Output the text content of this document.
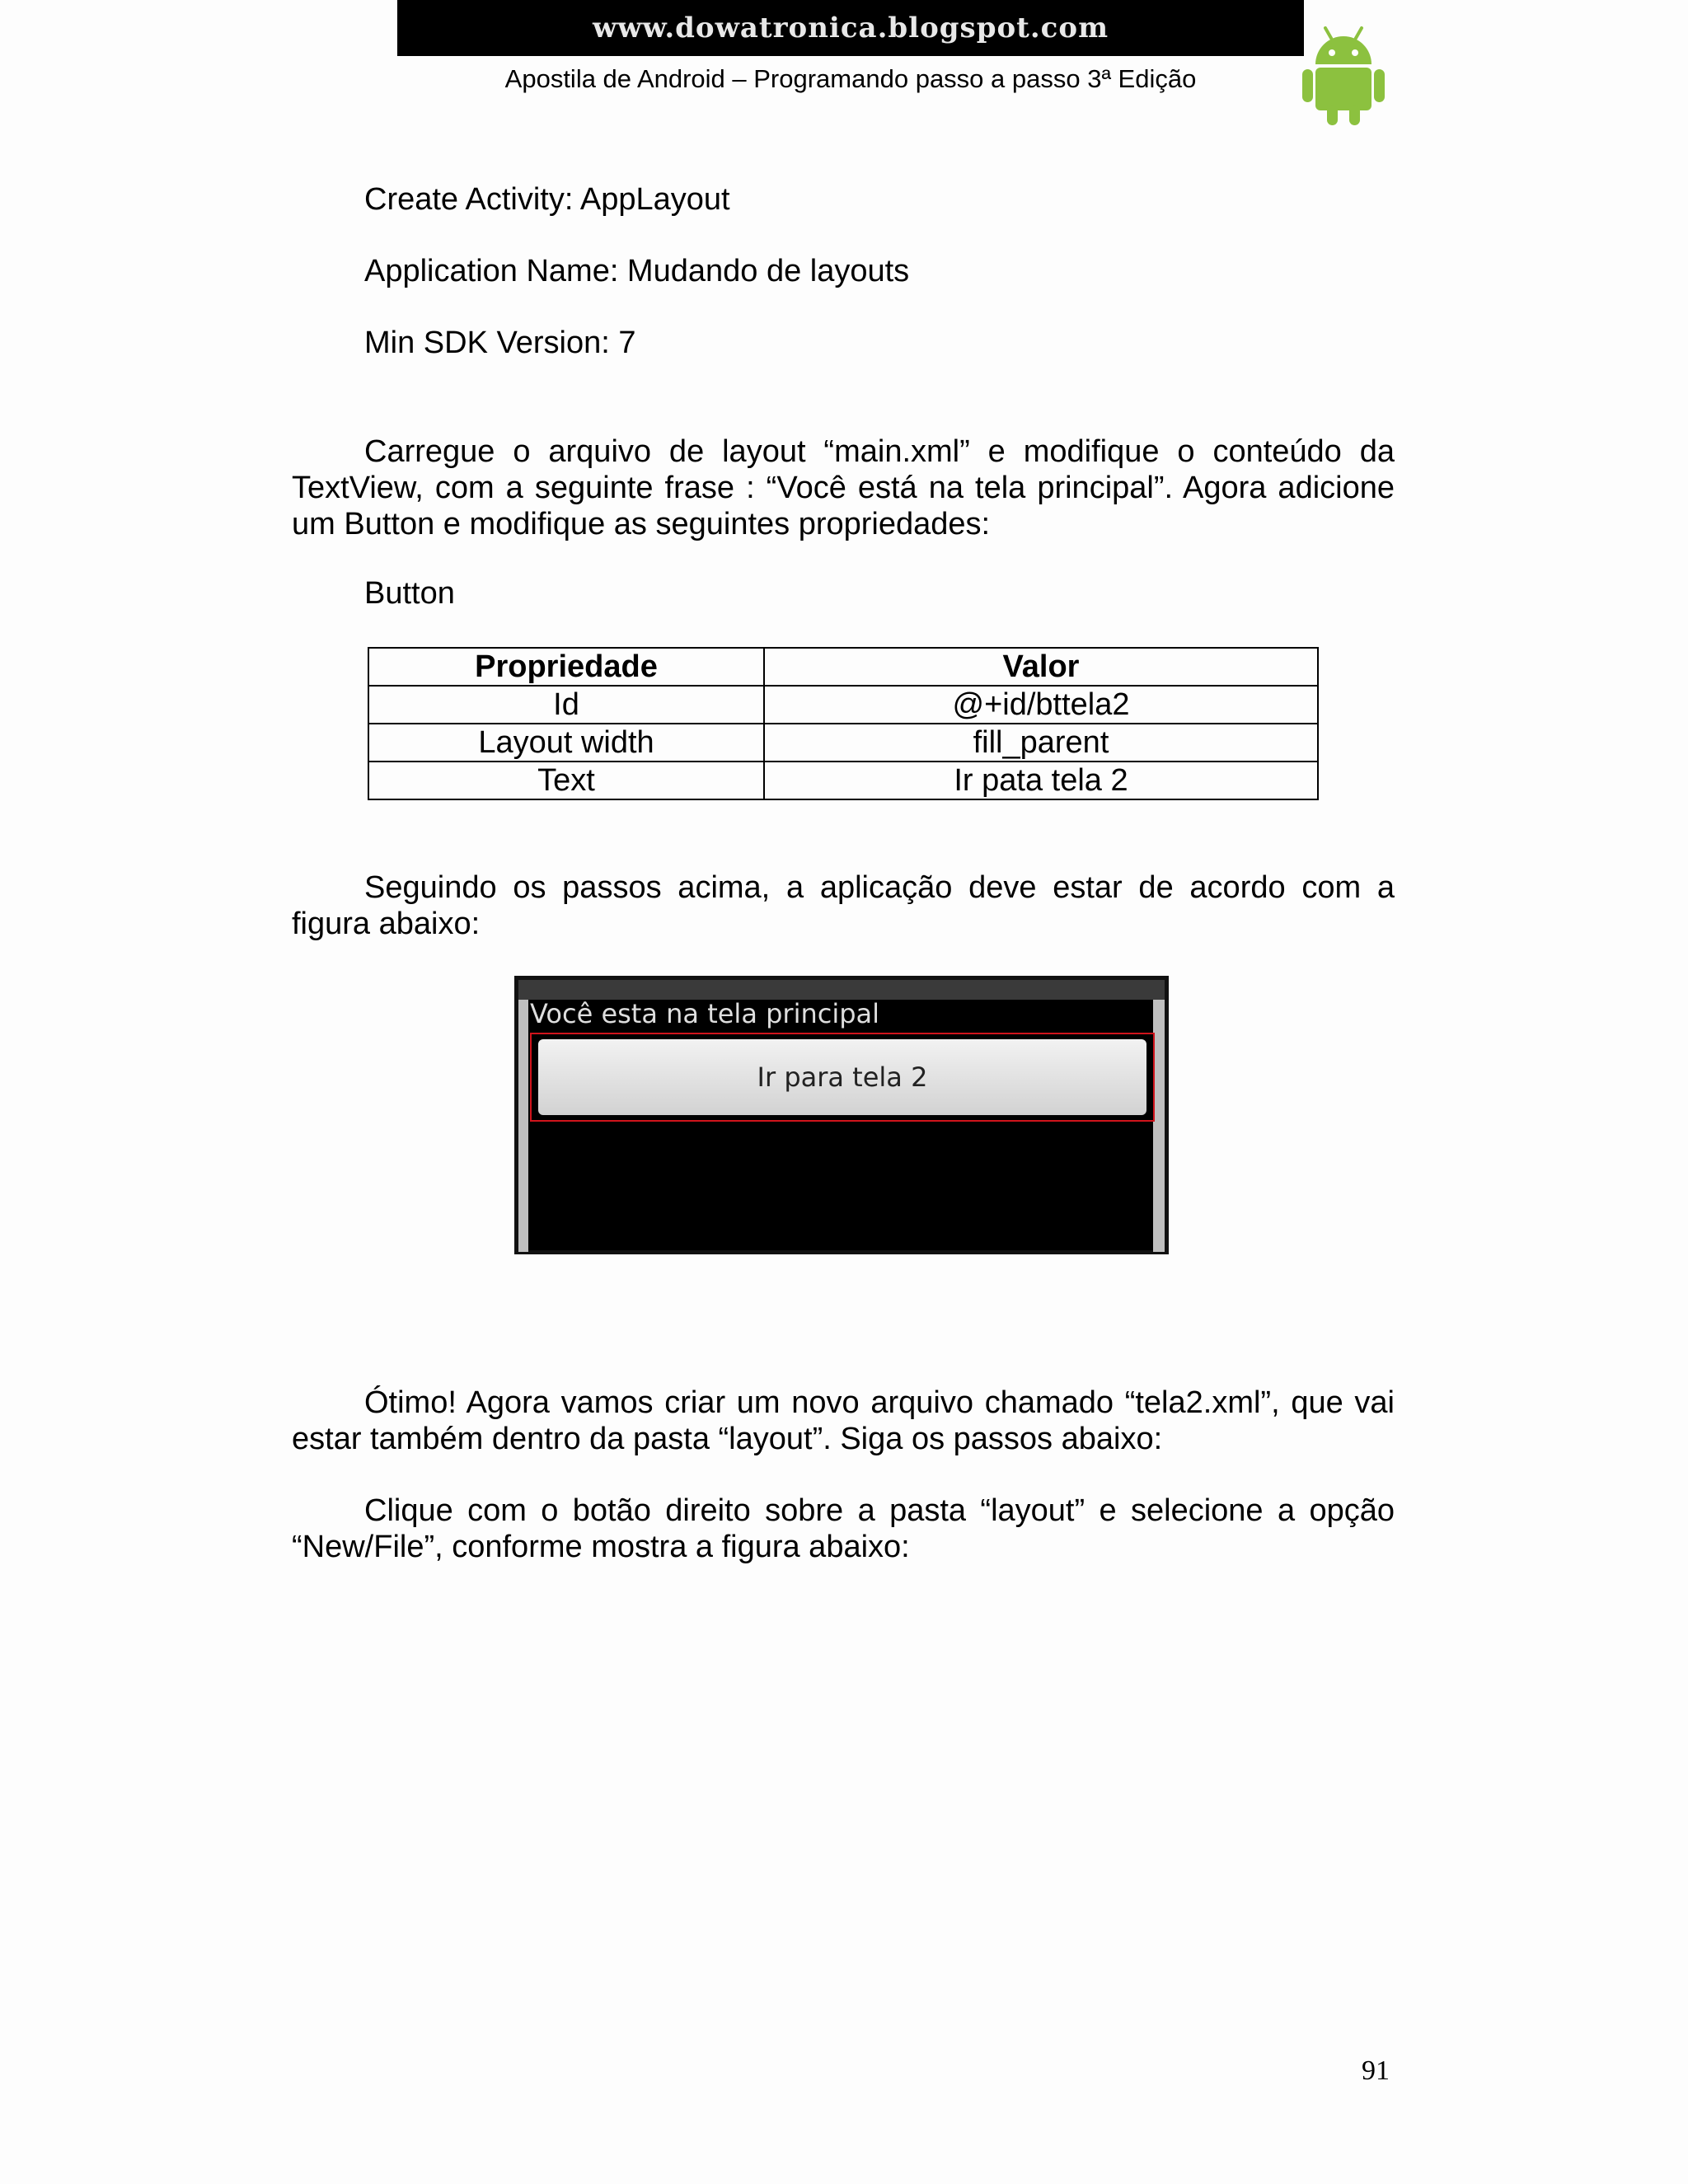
www.dowatronica.blogspot.com
Apostila de Android – Programando passo a passo 3ª Edição
Create Activity: AppLayout
Application Name: Mudando de layouts
Min SDK Version: 7

Carregue o arquivo de layout “main.xml” e modifique o conteúdo da TextView, com a seguinte frase : “Você está na tela principal”. Agora adicione um Button e modifique as seguintes propriedades:

Button
Propriedade	Valor
Id	@+id/bttela2
Layout width	fill_parent
Text	Ir pata tela 2

Seguindo os passos acima, a aplicação deve estar de acordo com a figura abaixo:

Você esta na tela principal
Ir para tela 2

Ótimo! Agora vamos criar um novo arquivo chamado “tela2.xml”, que vai estar também dentro da pasta “layout”. Siga os passos abaixo:

Clique com o botão direito sobre a pasta “layout” e selecione a opção “New/File”, conforme mostra a figura abaixo:

91
